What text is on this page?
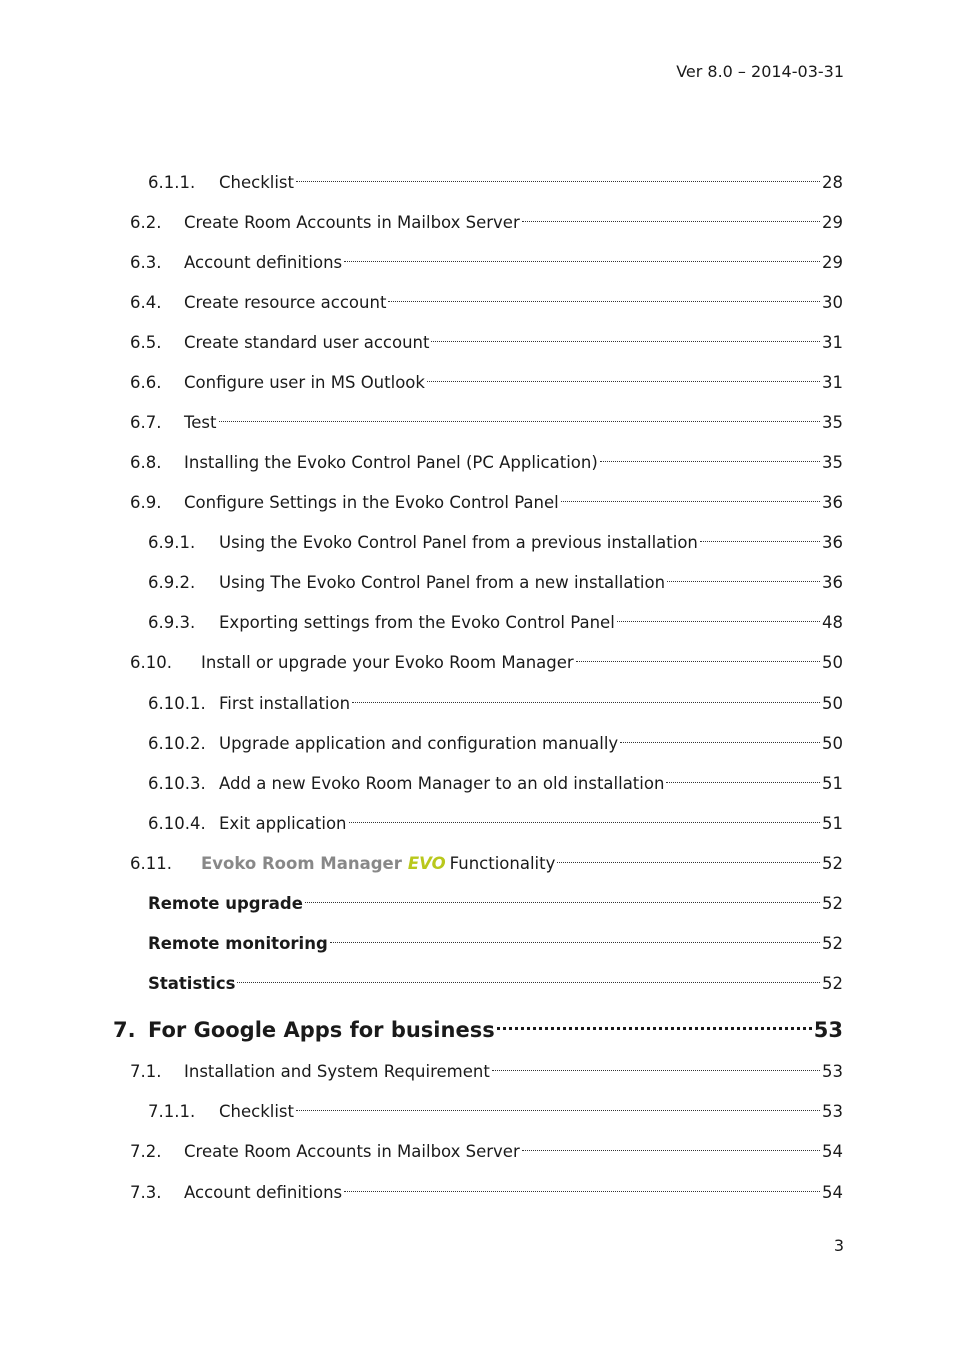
Ver 8.0 – 2014-03-31
6.1.1.	Checklist	28
6.2.	Create Room Accounts in Mailbox Server	29
6.3.	Account definitions	29
6.4.	Create resource account	30
6.5.	Create standard user account	31
6.6.	Configure user in MS Outlook	31
6.7.	Test	35
6.8.	Installing the Evoko Control Panel (PC Application)	35
6.9.	Configure Settings in the Evoko Control Panel	36
6.9.1.	Using the Evoko Control Panel from a previous installation	36
6.9.2.	Using The Evoko Control Panel from a new installation	36
6.9.3.	Exporting settings from the Evoko Control Panel	48
6.10.	Install or upgrade your Evoko Room Manager	50
6.10.1. First installation	50
6.10.2. Upgrade application and configuration manually	50
6.10.3. Add a new Evoko Room Manager to an old installation	51
6.10.4. Exit application	51
6.11.	Evoko Room Manager EVO Functionality	52
Remote upgrade	52
Remote monitoring	52
Statistics	52
7. For Google Apps for business	53
7.1.	Installation and System Requirement	53
7.1.1.	Checklist	53
7.2.	Create Room Accounts in Mailbox Server	54
7.3.	Account definitions	54
3
